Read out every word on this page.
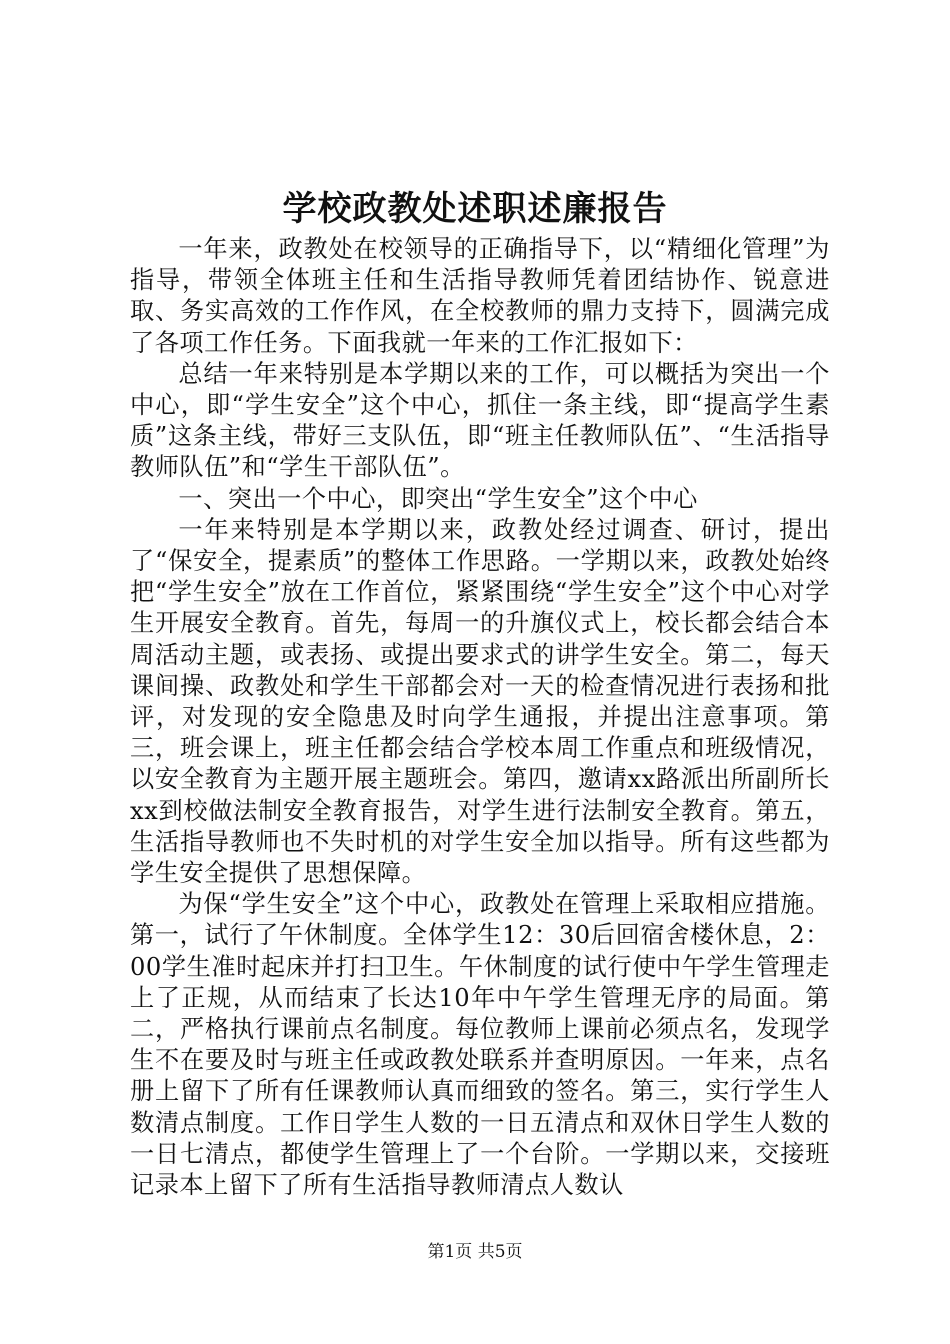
学校政教处述职述廉报告

一年来，政教处在校领导的正确指导下，以“精细化管理”为指导，带领全体班主任和生活指导教师凭着团结协作、锐意进取、务实高效的工作作风，在全校教师的鼎力支持下，圆满完成了各项工作任务。下面我就一年来的工作汇报如下：

总结一年来特别是本学期以来的工作，可以概括为突出一个中心，即“学生安全”这个中心，抓住一条主线，即“提高学生素质”这条主线，带好三支队伍，即“班主任教师队伍”、“生活指导教师队伍”和“学生干部队伍”。

一、突出一个中心，即突出“学生安全”这个中心

一年来特别是本学期以来，政教处经过调查、研讨，提出了“保安全，提素质”的整体工作思路。一学期以来，政教处始终把“学生安全”放在工作首位，紧紧围绕“学生安全”这个中心对学生开展安全教育。首先，每周一的升旗仪式上，校长都会结合本周活动主题，或表扬、或提出要求式的讲学生安全。第二，每天课间操、政教处和学生干部都会对一天的检查情况进行表扬和批评，对发现的安全隐患及时向学生通报，并提出注意事项。第三，班会课上，班主任都会结合学校本周工作重点和班级情况，以安全教育为主题开展主题班会。第四，邀请xx路派出所副所长xx到校做法制安全教育报告，对学生进行法制安全教育。第五，生活指导教师也不失时机的对学生安全加以指导。所有这些都为学生安全提供了思想保障。

为保“学生安全”这个中心，政教处在管理上采取相应措施。第一，试行了午休制度。全体学生12：30后回宿舍楼休息，2：00学生准时起床并打扫卫生。午休制度的试行使中午学生管理走上了正规，从而结束了长达10年中午学生管理无序的局面。第二，严格执行课前点名制度。每位教师上课前必须点名，发现学生不在要及时与班主任或政教处联系并查明原因。一年来，点名册上留下了所有任课教师认真而细致的签名。第三，实行学生人数清点制度。工作日学生人数的一日五清点和双休日学生人数的一日七清点，都使学生管理上了一个台阶。一学期以来，交接班记录本上留下了所有生活指导教师清点人数认

第1页 共5页
